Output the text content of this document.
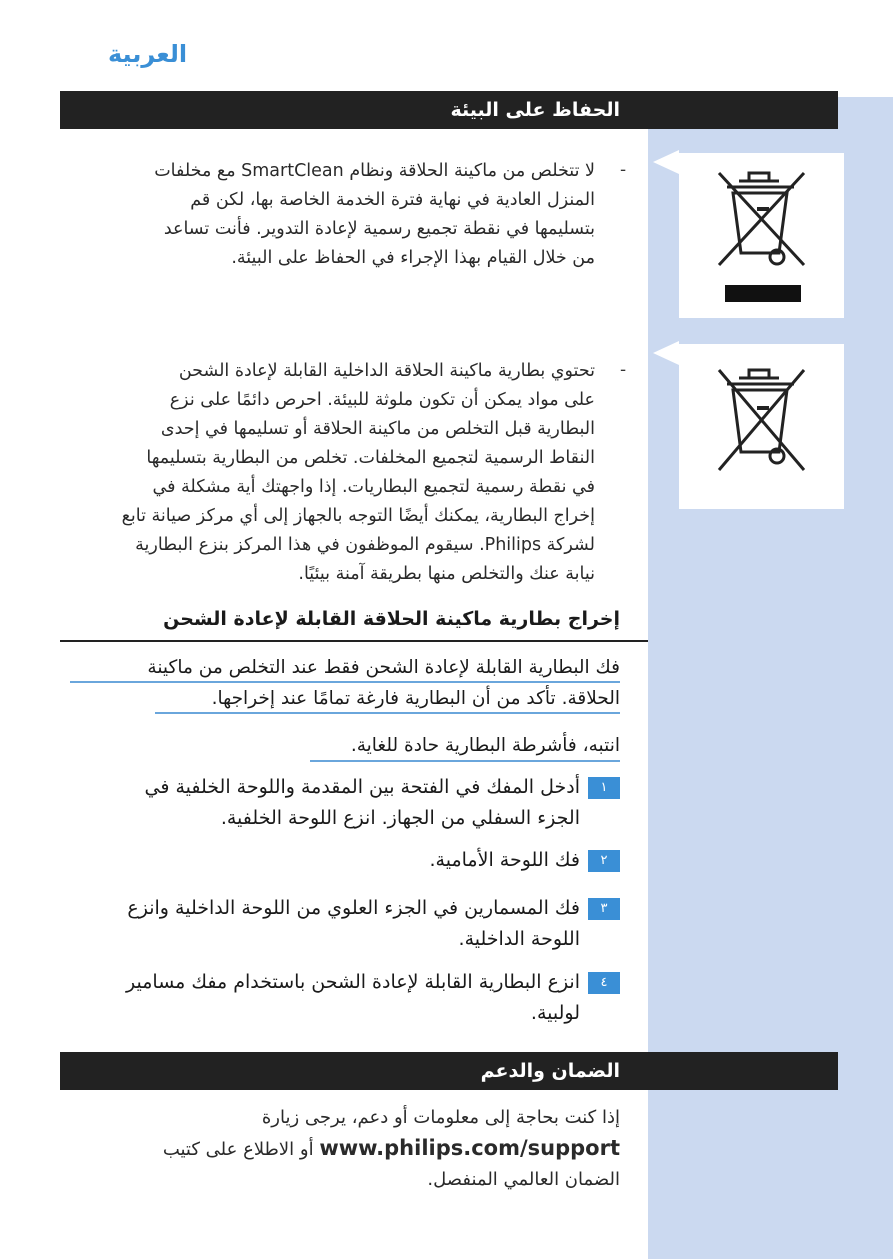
العربية
الحفاظ على البيئة
-
لا تتخلص من ماكينة الحلاقة ونظام SmartClean مع مخلفات
المنزل العادية في نهاية فترة الخدمة الخاصة بها، لكن قم
بتسليمها في نقطة تجميع رسمية لإعادة التدوير. فأنت تساعد
من خلال القيام بهذا الإجراء في الحفاظ على البيئة.
-
تحتوي بطارية ماكينة الحلاقة الداخلية القابلة لإعادة الشحن
على مواد يمكن أن تكون ملوثة للبيئة. احرص دائمًا على نزع
البطارية قبل التخلص من ماكينة الحلاقة أو تسليمها في إحدى
النقاط الرسمية لتجميع المخلفات. تخلص من البطارية بتسليمها
في نقطة رسمية لتجميع البطاريات. إذا واجهتك أية مشكلة في
إخراج البطارية، يمكنك أيضًا التوجه بالجهاز إلى أي مركز صيانة تابع
لشركة Philips. سيقوم الموظفون في هذا المركز بنزع البطارية
نيابة عنك والتخلص منها بطريقة آمنة بيئيًا.
إخراج بطارية ماكينة الحلاقة القابلة لإعادة الشحن
فك البطارية القابلة لإعادة الشحن فقط عند التخلص من ماكينة
الحلاقة. تأكد من أن البطارية فارغة تمامًا عند إخراجها.
انتبه، فأشرطة البطارية حادة للغاية.
١
أدخل المفك في الفتحة بين المقدمة واللوحة الخلفية في
الجزء السفلي من الجهاز. انزع اللوحة الخلفية.
٢
فك اللوحة الأمامية.
٣
فك المسمارين في الجزء العلوي من اللوحة الداخلية وانزع
اللوحة الداخلية.
٤
انزع البطارية القابلة لإعادة الشحن باستخدام مفك مسامير
لولبية.
الضمان والدعم
إذا كنت بحاجة إلى معلومات أو دعم، يرجى زيارة
www.philips.com/support أو الاطلاع على كتيب
الضمان العالمي المنفصل.
